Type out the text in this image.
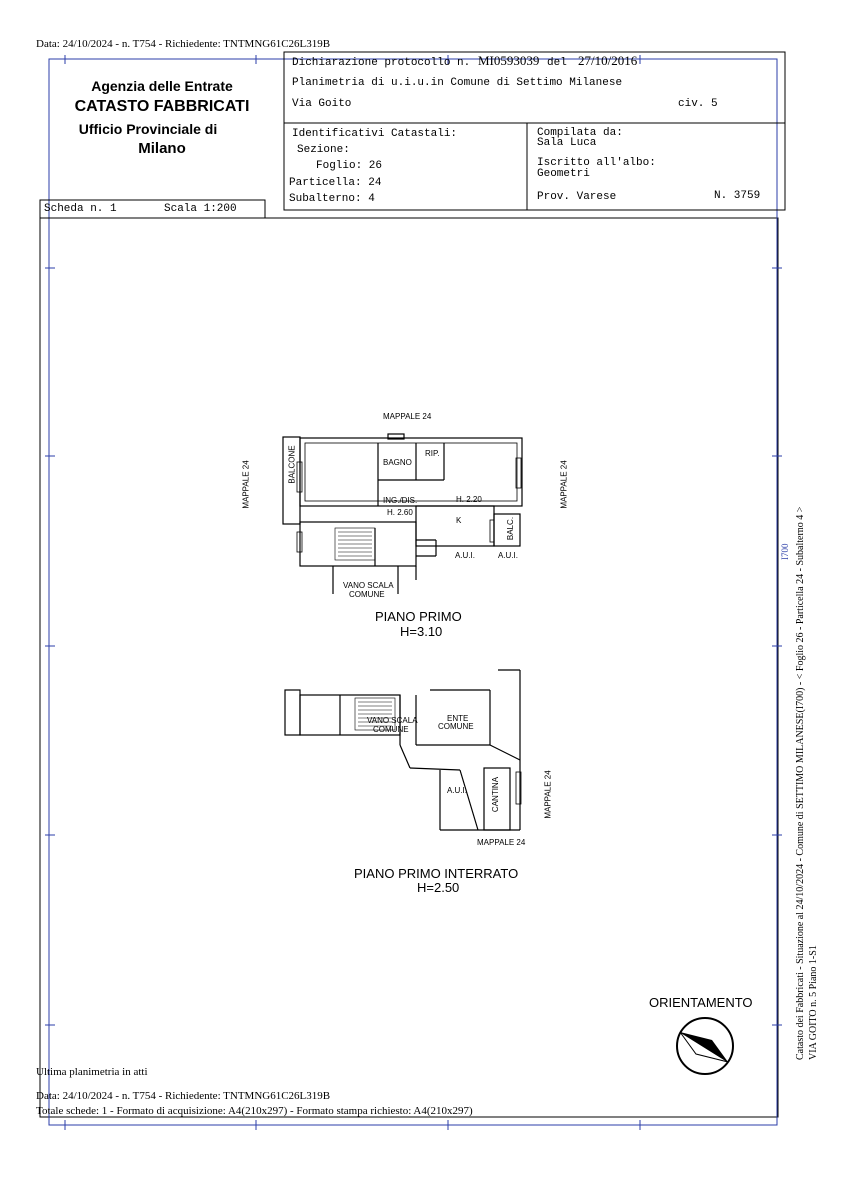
Data: 24/10/2024 - n. T754 - Richiedente: TNTMNG61C26L319B
Agenzia delle Entrate
CATASTO FABBRICATI
Ufficio Provinciale di
Milano
Dichiarazione protocollo n. MI0593039 del 27/10/2016
Planimetria di u.i.u.in Comune di Settimo Milanese
Via Goito	civ. 5
Identificativi Catastali:
Sezione:
Foglio: 26
Particella: 24
Subalterno: 4
Compilata da:
Sala Luca
Iscritto all'albo:
Geometri
Prov. Varese	N. 3759
Scheda n. 1	Scala 1:200
MAPPALE 24
MAPPALE 24	MAPPALE 24
BALCONE	BAGNO
RIP.
ING./DIS.
H. 2.60
H. 2.20
K	BALC.
A.U.I.	A.U.I.
VANO SCALA
COMUNE
PIANO PRIMO
H=3.10
VANO SCALA
COMUNE
ENTE
COMUNE
A.U.I.	CANTINA	MAPPALE 24
MAPPALE 24
PIANO PRIMO INTERRATO
H=2.50
ORIENTAMENTO	Catasto dei Fabbricati - Situazione al 24/10/2024 - Comune di SETTIMO MILANESE(I700) - < Foglio 26 - Particella 24 - Subalterno 4 > VIA GOITO n. 5 Piano 1-S1
I700
Ultima planimetria in atti
Data: 24/10/2024 - n. T754 - Richiedente: TNTMNG61C26L319B
Totale schede: 1 - Formato di acquisizione: A4(210x297) - Formato stampa richiesto: A4(210x297)
